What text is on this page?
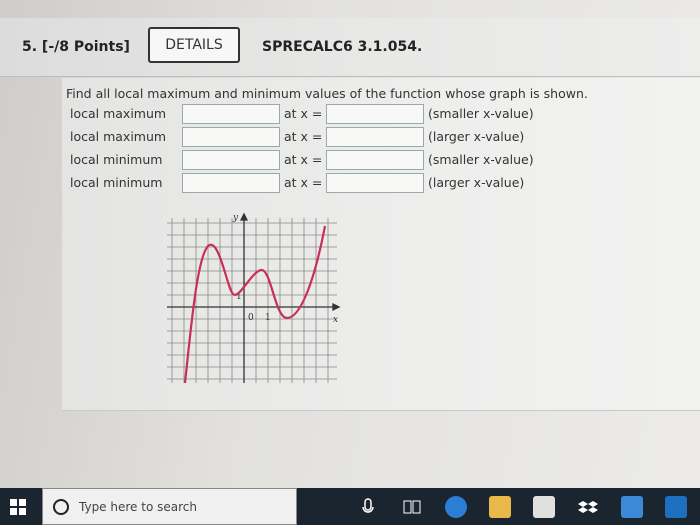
5. [-/8 Points]	DETAILS	SPRECALC6 3.1.054.
Find all local maximum and minimum values of the function whose graph is shown.
local maximum	at x =	(smaller x-value)
local maximum	at x =	(larger x-value)
local minimum	at x =	(smaller x-value)
local minimum	at x =	(larger x-value)
y
x
0 1
1
Type here to search
